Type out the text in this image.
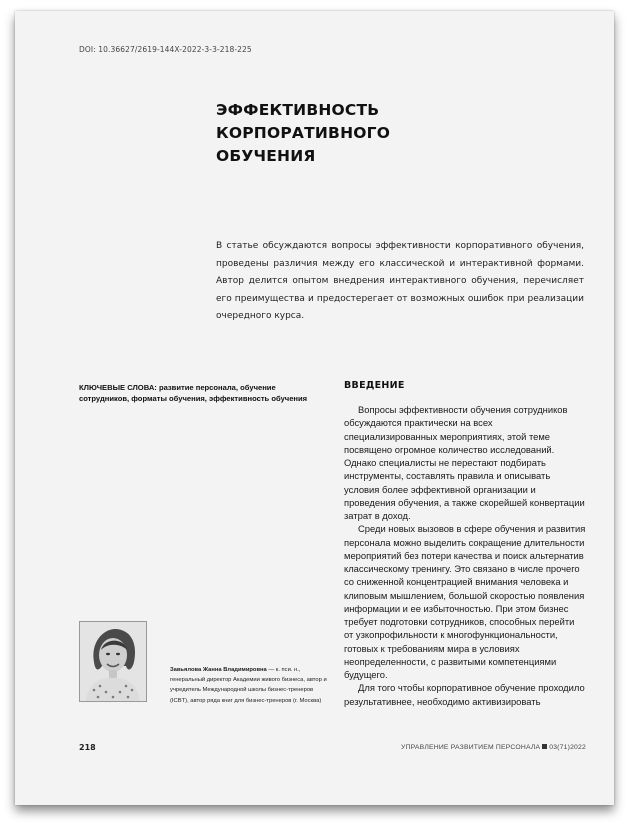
DOI: 10.36627/2619-144X-2022-3-3-218-225
ЭФФЕКТИВНОСТЬ КОРПОРАТИВНОГО
ОБУЧЕНИЯ
В статье обсуждаются вопросы эффективности корпоративного обучения, проведены различия между его классической и интерактивной формами. Автор делится опытом внедрения интерактивного обучения, перечисляет его преимущества и предостерегает от возможных ошибок при реализации очередного курса.
КЛЮЧЕВЫЕ СЛОВА: развитие персонала, обучение сотрудников, форматы обучения, эффективность обучения
ВВЕДЕНИЕ

Вопросы эффективности обучения сотрудников обсуждаются практически на всех специализированных мероприятиях, этой теме посвящено огромное количество исследований. Однако специалисты не перестают подбирать инструменты, составлять правила и описывать условия более эффективной организации и проведения обучения, а также скорейшей конвертации затрат в доход.

Среди новых вызовов в сфере обучения и развития персонала можно выделить сокращение длительности мероприятий без потери качества и поиск альтернатив классическому тренингу. Это связано в числе прочего со сниженной концентрацией внимания человека и клиповым мышлением, большой скоростью появления информации и ее избыточностью. При этом бизнес требует подготовки сотрудников, способных перейти от узкопрофильности к многофункциональности, готовых к требованиям мира в условиях неопределенности, с развитыми компетенциями будущего.

Для того чтобы корпоративное обучение проходило результативнее, необходимо активизировать

Завьялова Жанна Владимировна — к. пси. н., генеральный директор Академии живого бизнеса, автор и учредитель Международной школы бизнес-тренеров (ICBT), автор ряда книг для бизнес-тренеров (г. Москва)
218	УПРАВЛЕНИЕ РАЗВИТИЕМ ПЕРСОНАЛА 03(71)2022
